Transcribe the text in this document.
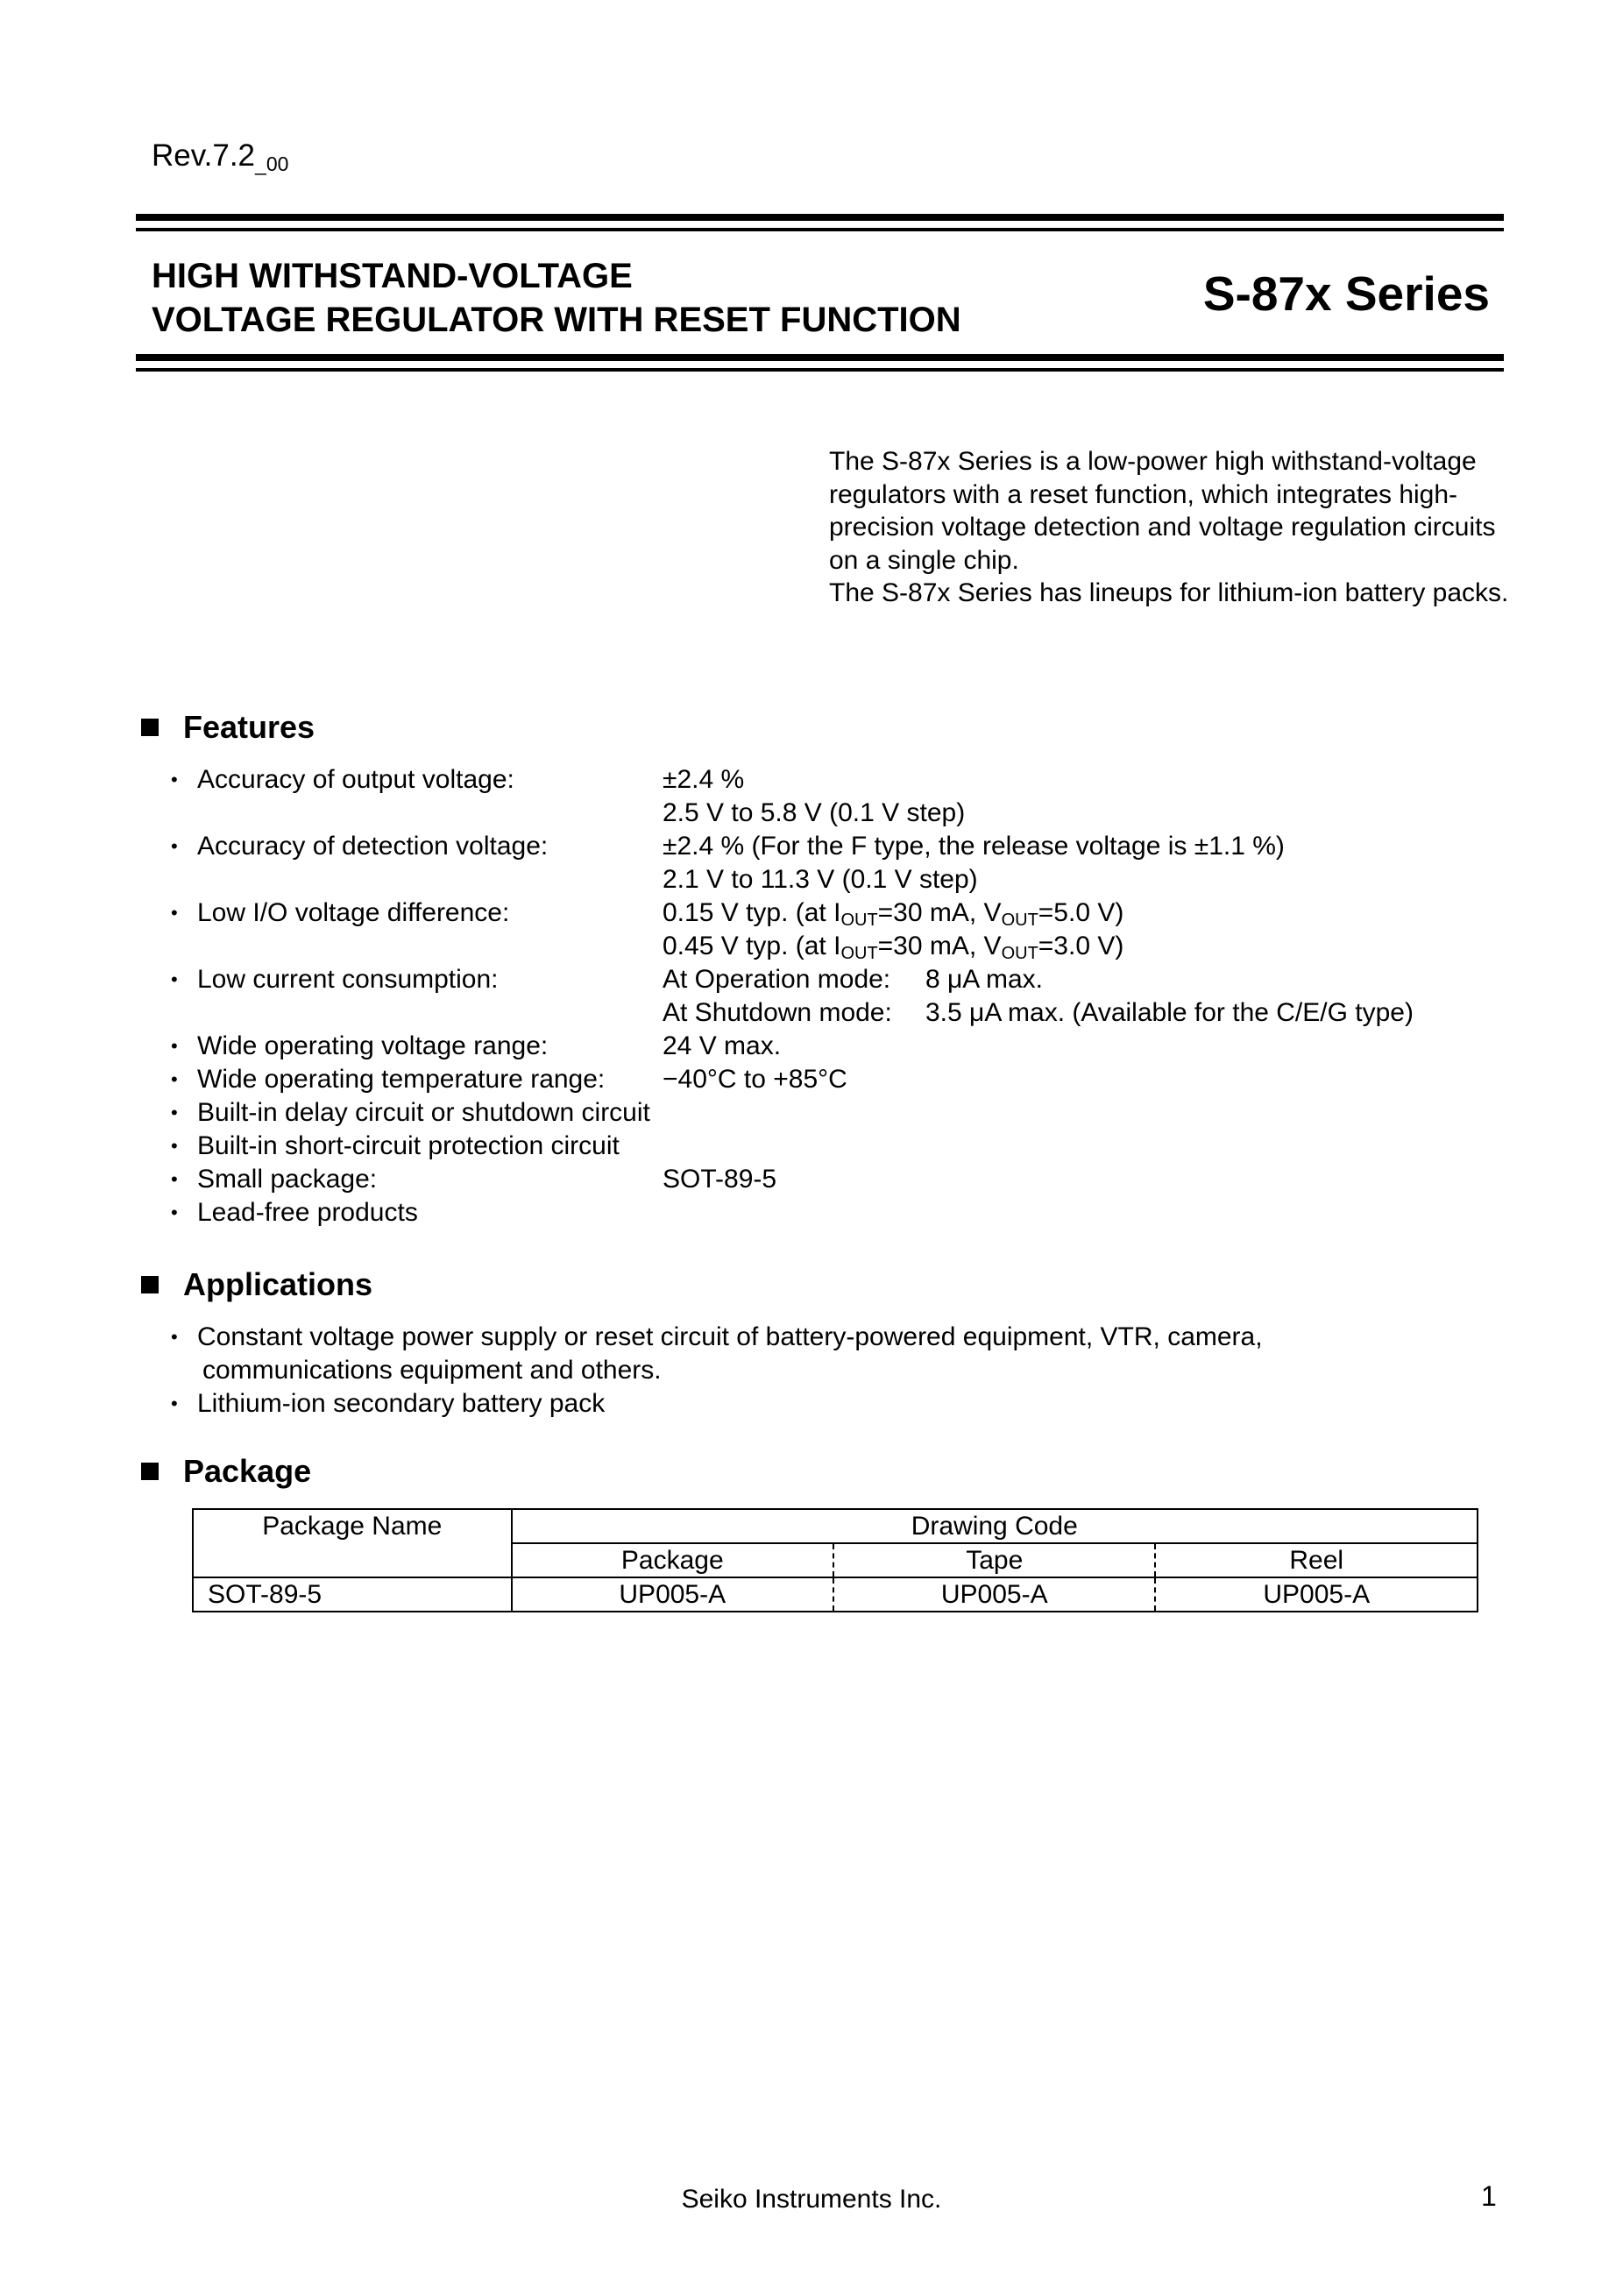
$Rev.7.2_{\_00}$
HIGH WITHSTAND-VOLTAGE
VOLTAGE REGULATOR WITH RESET FUNCTION	S-87x Series

The S-87x Series is a low-power high withstand-voltage regulators with a reset function, which integrates high-precision voltage detection and voltage regulation circuits on a single chip.

The S-87x Series has lineups for lithium-ion battery packs.

Features
• Accuracy of output voltage:	±2.4 %
2.5 V to 5.8 V (0.1 V step)
• Accuracy of detection voltage:	±2.4 % (For the F type, the release voltage is ±1.1 %)
2.1 V to 11.3 V (0.1 V step)
• Low I/O voltage difference:	0.15 V typ. (at $I_{OUT}=30$ mA, $V_{OUT}=5.0$ V)
0.45 V typ. (at $I_{OUT}=30$ mA, $V_{OUT}=3.0$ V)
• Low current consumption:	At Operation mode: 8 μA max.
At Shutdown mode: 3.5 μA max. (Available for the C/E/G type)
• Wide operating voltage range:	24 V max.
• Wide operating temperature range: −40°C to +85°C
• Built-in delay circuit or shutdown circuit
• Built-in short-circuit protection circuit
• Small package:	SOT-89-5
• Lead-free products
Applications
• Constant voltage power supply or reset circuit of battery-powered equipment, VTR, camera,
communications equipment and others.
• Lithium-ion secondary battery pack
Package
Package Name	Drawing Code		
	Package	Tape	Reel
SOT-89-5	UP005-A	UP005-A	UP005-A
Seiko Instruments Inc.	1
